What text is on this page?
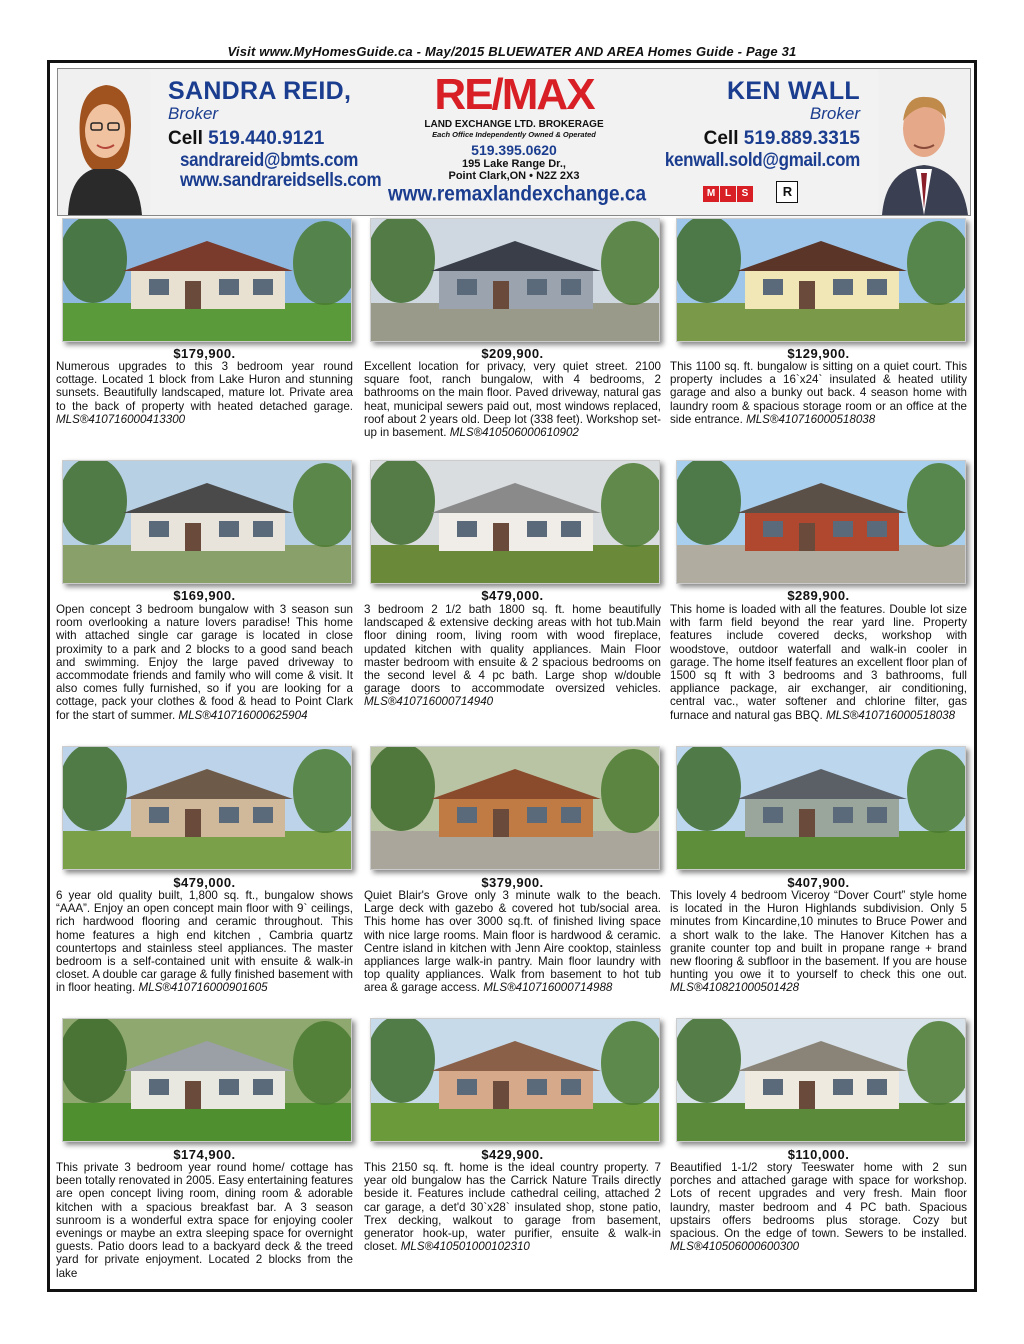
Visit www.MyHomesGuide.ca - May/2015 BLUEWATER AND AREA Homes Guide - Page 31
SANDRA REID,
Broker
Cell 519.440.9121
sandrareid@bmts.com
www.sandrareidsells.com
RE/MAX
LAND EXCHANGE LTD. BROKERAGE
Each Office Independently Owned & Operated
519.395.0620
195 Lake Range Dr.,
Point Clark,ON • N2Z 2X3
www.remaxlandexchange.ca	M L S	R
KEN WALL
Broker
Cell 519.889.3315
kenwall.sold@gmail.com
$179,900.
Numerous upgrades to this 3 bedroom year round cottage. Located 1 block from Lake Huron and stunning sunsets. Beautifully landscaped, mature lot. Private area to the back of property with heated detached garage. MLS®410716000413300
$209,900.
Excellent location for privacy, very quiet street. 2100 square foot, ranch bungalow, with 4 bedrooms, 2 bathrooms on the main floor. Paved driveway, natural gas heat, municipal sewers paid out, most windows replaced, roof about 2 years old. Deep lot (338 feet). Workshop set-up in basement. MLS®410506000610902
$129,900.
This 1100 sq. ft. bungalow is sitting on a quiet court. This property includes a 16`x24` insulated & heated utility garage and also a bunky out back. 4 season home with laundry room & spacious storage room or an office at the side entrance. MLS®410716000518038
$169,900.
Open concept 3 bedroom bungalow with 3 season sun room overlooking a nature lovers paradise! This home with attached single car garage is located in close proximity to a park and 2 blocks to a good sand beach and swimming. Enjoy the large paved driveway to accommodate friends and family who will come & visit. It also comes fully furnished, so if you are looking for a cottage, pack your clothes & food & head to Point Clark for the start of summer. MLS®410716000625904
$479,000.
3 bedroom 2 1/2 bath 1800 sq. ft. home beautifully landscaped & extensive decking areas with hot tub.Main floor dining room, living room with wood fireplace, updated kitchen with quality appliances. Main Floor master bedroom with ensuite & 2 spacious bedrooms on the second level & 4 pc bath. Large shop w/double garage doors to accommodate oversized vehicles. MLS®410716000714940
$289,900.
This home is loaded with all the features. Double lot size with farm field beyond the rear yard line. Property features include covered decks, workshop with woodstove, outdoor waterfall and walk-in cooler in garage. The home itself features an excellent floor plan of 1500 sq ft with 3 bedrooms and 3 bathrooms, full appliance package, air exchanger, air conditioning, central vac., water softener and chlorine filter, gas furnace and natural gas BBQ. MLS®410716000518038
$479,000.
6 year old quality built, 1,800 sq. ft., bungalow shows “AAA”. Enjoy an open concept main floor with 9` ceilings, rich hardwood flooring and ceramic throughout. This home features a high end kitchen , Cambria quartz countertops and stainless steel appliances. The master bedroom is a self-contained unit with ensuite & walk-in closet. A double car garage & fully finished basement with in floor heating. MLS®410716000901605
$379,900.
Quiet Blair's Grove only 3 minute walk to the beach. Large deck with gazebo & covered hot tub/social area. This home has over 3000 sq.ft. of finished living space with nice large rooms. Main floor is hardwood & ceramic. Centre island in kitchen with Jenn Aire cooktop, stainless appliances large walk-in pantry. Main floor laundry with top quality appliances. Walk from basement to hot tub area & garage access. MLS®410716000714988
$407,900.
This lovely 4 bedroom Viceroy “Dover Court” style home is located in the Huron Highlands subdivision. Only 5 minutes from Kincardine,10 minutes to Bruce Power and a short walk to the lake. The Hanover Kitchen has a granite counter top and built in propane range + brand new flooring & subfloor in the basement. If you are house hunting you owe it to yourself to check this one out. MLS®410821000501428
$174,900.
This private 3 bedroom year round home/ cottage has been totally renovated in 2005. Easy entertaining features are open concept living room, dining room & adorable kitchen with a spacious breakfast bar. A 3 season sunroom is a wonderful extra space for enjoying cooler evenings or maybe an extra sleeping space for overnight guests. Patio doors lead to a backyard deck & the treed yard for private enjoyment. Located 2 blocks from the lake
$429,900.
This 2150 sq. ft. home is the ideal country property. 7 year old bungalow has the Carrick Nature Trails directly beside it. Features include cathedral ceiling, attached 2 car garage, a det'd 30`x28` insulated shop, stone patio, Trex decking, walkout to garage from basement, generator hook-up, water purifier, ensuite & walk-in closet. MLS®410501000102310
$110,000.
Beautified 1-1/2 story Teeswater home with 2 sun porches and attached garage with space for workshop. Lots of recent upgrades and very fresh. Main floor laundry, master bedroom and 4 PC bath. Spacious upstairs offers bedrooms plus storage. Cozy but spacious. On the edge of town. Sewers to be installed. MLS®410506000600300
